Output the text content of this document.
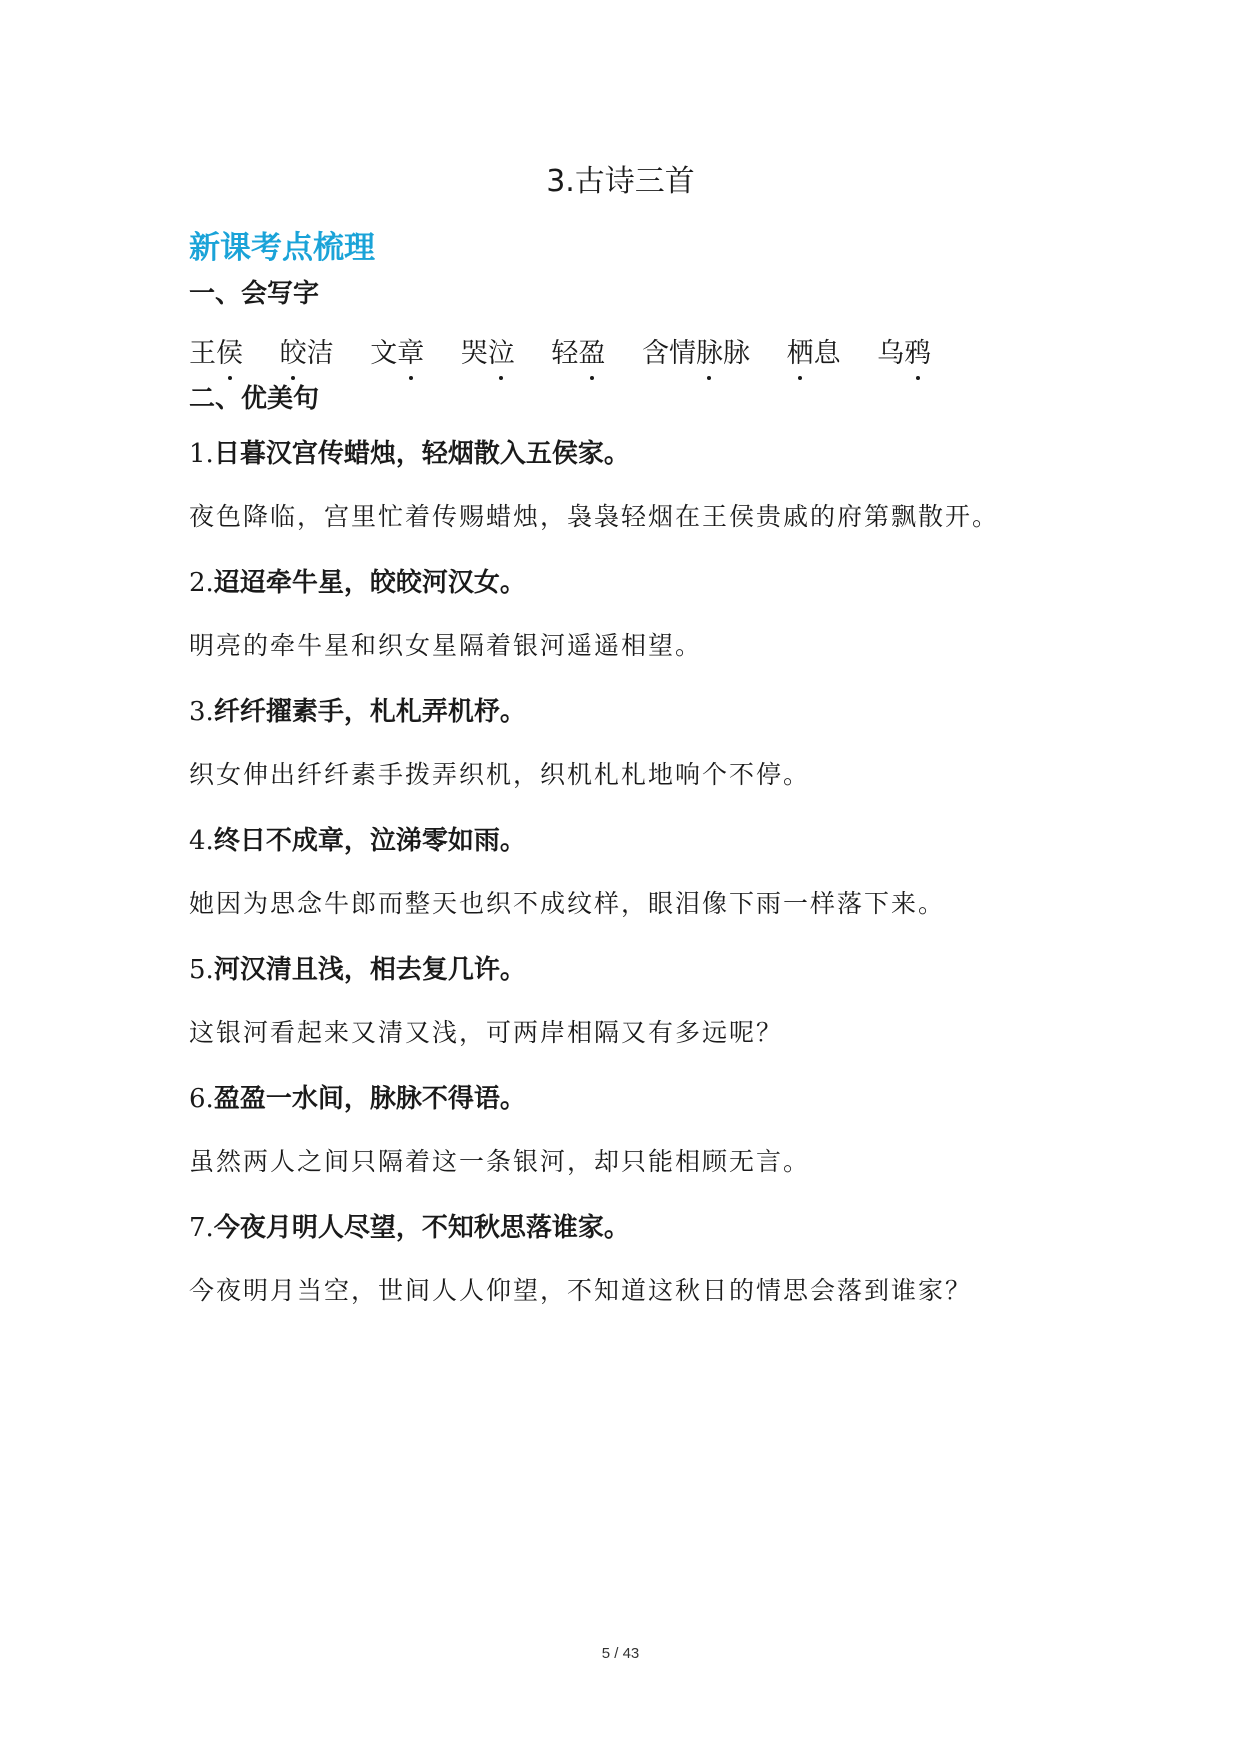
3.古诗三首
新课考点梳理
一、会写字
王侯 皎洁 文章 哭泣 轻盈 含情脉脉 栖息 乌鸦
二、优美句
1.日暮汉宫传蜡烛，轻烟散入五侯家。
夜色降临，宫里忙着传赐蜡烛，袅袅轻烟在王侯贵戚的府第飘散开。
2.迢迢牵牛星，皎皎河汉女。
明亮的牵牛星和织女星隔着银河遥遥相望。
3.纤纤擢素手，札札弄机杼。
织女伸出纤纤素手拨弄织机，织机札札地响个不停。
4.终日不成章，泣涕零如雨。
她因为思念牛郎而整天也织不成纹样，眼泪像下雨一样落下来。
5.河汉清且浅，相去复几许。
这银河看起来又清又浅，可两岸相隔又有多远呢？
6.盈盈一水间，脉脉不得语。
虽然两人之间只隔着这一条银河，却只能相顾无言。
7.今夜月明人尽望，不知秋思落谁家。
今夜明月当空，世间人人仰望，不知道这秋日的情思会落到谁家？
5 / 43
